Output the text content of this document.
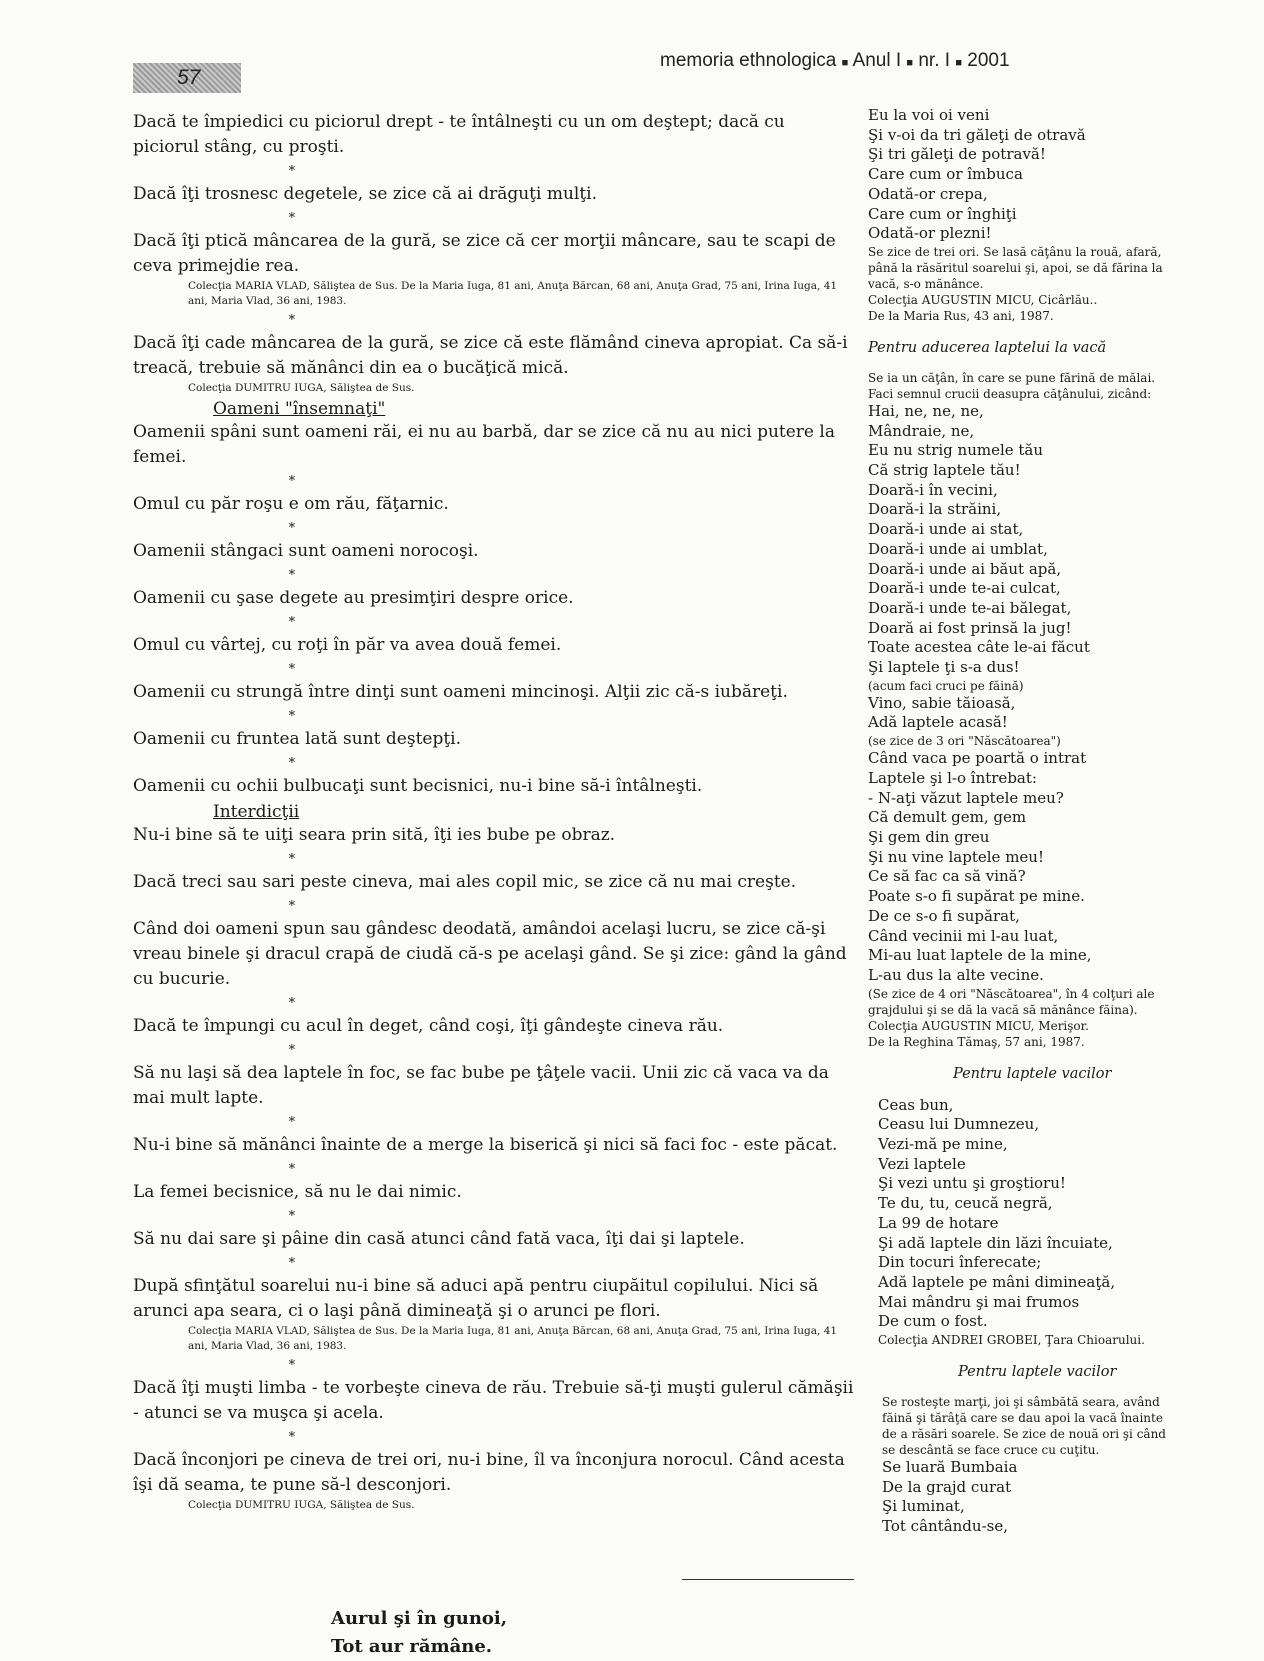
57
memoria ethnologica ■ Anul I ■ nr. I ■ 2001

Dacă te împiedici cu piciorul drept - te întâlneşti cu un om deştept; dacă cu piciorul stâng, cu proşti.

*

Dacă îţi trosnesc degetele, se zice că ai drăguţi mulţi.

*

Dacă îţi ptică mâncarea de la gură, se zice că cer morţii mâncare, sau te scapi de ceva primejdie rea.

Colecţia MARIA VLAD, Sălişteа de Sus. De la Maria Iuga, 81 ani, Anuţa Bărcan, 68 ani, Anuţa Grad, 75 ani, Irina Iuga, 41 ani, Maria Vlad, 36 ani, 1983.

*

Dacă îţi cade mâncarea de la gură, se zice că este flămând cineva apropiat. Ca să-i treacă, trebuie să mănânci din ea o bucăţică mică.

Colecţia DUMITRU IUGA, Săliştea de Sus.

Oameni "însemnaţi"

Oamenii spâni sunt oameni răi, ei nu au barbă, dar se zice că nu au nici putere la femei.

*

Omul cu păr roşu e om rău, făţarnic.

*

Oamenii stângaci sunt oameni norocoşi.

*

Oamenii cu şase degete au presimţiri despre orice.

*

Omul cu vârtej, cu roţi în păr va avea două femei.

*

Oamenii cu strungă între dinţi sunt oameni mincinoşi. Alţii zic că-s iubăreţi.

*

Oamenii cu fruntea lată sunt deştepţi.

*

Oamenii cu ochii bulbucaţi sunt becisnici, nu-i bine să-i întâlneşti.

Interdicţii

Nu-i bine să te uiţi seara prin sită, îţi ies bube pe obraz.

*

Dacă treci sau sari peste cineva, mai ales copil mic, se zice că nu mai creşte.

*

Când doi oameni spun sau gândesc deodată, amândoi acelaşi lucru, se zice că-şi vreau binele şi dracul crapă de ciudă că-s pe acelaşi gând. Se şi zice: gând la gând cu bucurie.

*

Dacă te împungi cu acul în deget, când coşi, îţi gândeşte cineva rău.

*

Să nu laşi să dea laptele în foc, se fac bube pe ţâţele vacii. Unii zic că vaca va da mai mult lapte.

*

Nu-i bine să mănânci înainte de a merge la biserică şi nici să faci foc - este păcat.

*

La femei becisnice, să nu le dai nimic.

*

Să nu dai sare şi pâine din casă atunci când fată vaca, îţi dai şi laptele.

*

După sfinţătul soarelui nu-i bine să aduci apă pentru ciupăitul copilului. Nici să arunci apa seara, ci o laşi până dimineaţă şi o arunci pe flori.

Colecţia MARIA VLAD, Săliştea de Sus. De la Maria Iuga, 81 ani, Anuţa Bărcan, 68 ani, Anuţa Grad, 75 ani, Irina Iuga, 41 ani, Maria Vlad, 36 ani, 1983.

*

Dacă îţi muşti limba - te vorbeşte cineva de rău. Trebuie să-ţi muşti gulerul cămăşii - atunci se va muşca şi acela.

*

Dacă înconjori pe cineva de trei ori, nu-i bine, îl va înconjura norocul. Când acesta îşi dă seama, te pune să-l desconjori.

Colecţia DUMITRU IUGA, Săliştea de Sus.

Eu la voi oi veni

Şi v-oi da tri găleţi de otravă

Şi tri găleţi de potravă!

Care cum or îmbuca

Odată-or crepa,

Care cum or înghiţi

Odată-or plezni!

Se zice de trei ori. Se lasă căţânu la rouă, afară, până la răsăritul soarelui şi, apoi, se dă fărina la vacă, s-o mănânce.

Colecţia AUGUSTIN MICU, Cicârlău..

De la Maria Rus, 43 ani, 1987.

Pentru aducerea laptelui la vacă

Se ia un căţân, în care se pune fărină de mălai. Faci semnul crucii deasupra căţânului, zicând:

Hai, ne, ne, ne,

Mândraie, ne,

Eu nu strig numele tău

Că strig laptele tău!

Doară-i în vecini,

Doară-i la străini,

Doară-i unde ai stat,

Doară-i unde ai umblat,

Doară-i unde ai băut apă,

Doară-i unde te-ai culcat,

Doară-i unde te-ai bălegat,

Doară ai fost prinsă la jug!

Toate acestea câte le-ai făcut

Şi laptele ţi s-a dus!

(acum faci cruci pe făină)

Vino, sabie tăioasă,

Adă laptele acasă!

(se zice de 3 ori "Născătoarea")

Când vaca pe poartă o intrat

Laptele şi l-o întrebat:

- N-aţi văzut laptele meu?

Că demult gem, gem

Şi gem din greu

Şi nu vine laptele meu!

Ce să fac ca să vină?

Poate s-o fi supărat pe mine.

De ce s-o fi supărat,

Când vecinii mi l-au luat,

Mi-au luat laptele de la mine,

L-au dus la alte vecine.

(Se zice de 4 ori "Născătoarea", în 4 colţuri ale grajdului şi se dă la vacă să mănânce făina).

Colecţia AUGUSTIN MICU, Merişor.

De la Reghina Tămaş, 57 ani, 1987.

Pentru laptele vacilor

Ceas bun,

Ceasu lui Dumnezeu,

Vezi-mă pe mine,

Vezi laptele

Şi vezi untu şi groştioru!

Te du, tu, ceucă negră,

La 99 de hotare

Şi adă laptele din lăzi încuiate,

Din tocuri înferecate;

Adă laptele pe mâni dimineaţă,

Mai mândru şi mai frumos

De cum o fost.

Colecţia ANDREI GROBEI, Ţara Chioarului.

Pentru laptele vacilor

Se rosteşte marţi, joi şi sâmbătă seara, având făină şi tărâţă care se dau apoi la vacă înainte de a răsări soarele. Se zice de nouă ori şi când se descântă se face cruce cu cuţitu.

Se luară Bumbaia

De la grajd curat

Şi luminat,

Tot cântându-se,

Aurul şi în gunoi,
Tot aur rămâne.
